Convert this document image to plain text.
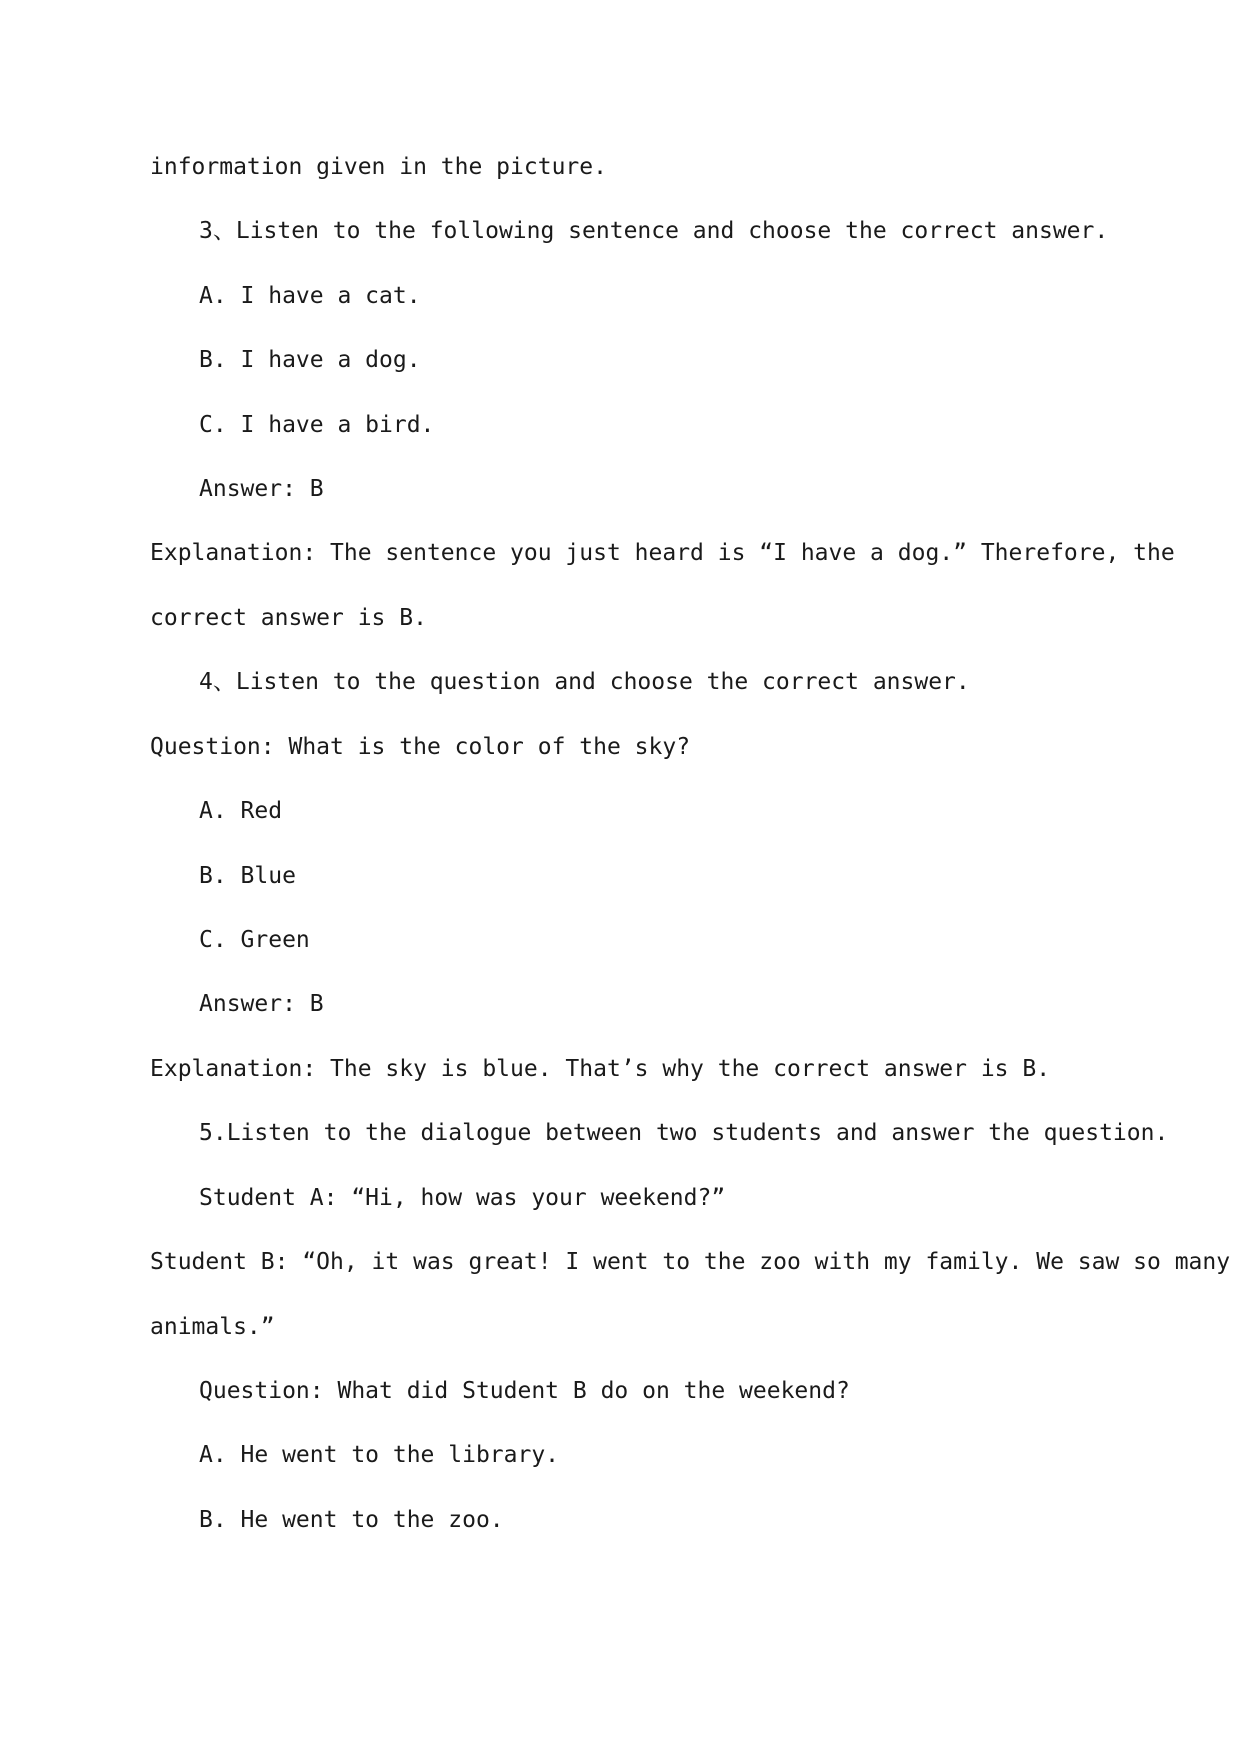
information given in the picture.
3、Listen to the following sentence and choose the correct answer.
A. I have a cat.
B. I have a dog.
C. I have a bird.
Answer: B
Explanation: The sentence you just heard is “I have a dog.” Therefore, the
correct answer is B.
4、Listen to the question and choose the correct answer.
Question: What is the color of the sky?
A. Red
B. Blue
C. Green
Answer: B
Explanation: The sky is blue. That’s why the correct answer is B.
5.Listen to the dialogue between two students and answer the question.
Student A: “Hi, how was your weekend?”
Student B: “Oh, it was great! I went to the zoo with my family. We saw so many
animals.”
Question: What did Student B do on the weekend?
A. He went to the library.
B. He went to the zoo.
